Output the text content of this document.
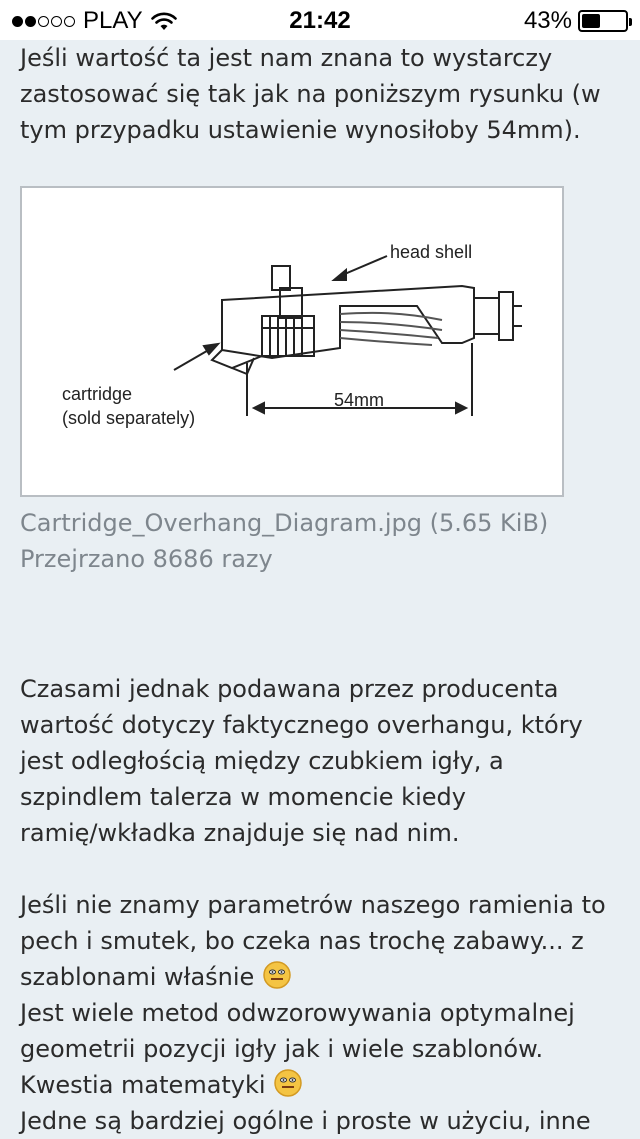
PLAY	21:42	43%

Jeśli wartość ta jest nam znana to wystarczy zastosować się tak jak na poniższym rysunku (w tym przypadku ustawienie wynosiłoby 54mm).

head shell
cartridge
(sold separately)
54mm
Cartridge_Overhang_Diagram.jpg (5.65 KiB)
Przejrzano 8686 razy

Czasami jednak podawana przez producenta wartość dotyczy faktycznego overhangu, który jest odległością między czubkiem igły, a szpindlem talerza w momencie kiedy ramię/wkładka znajduje się nad nim.

Jeśli nie znamy parametrów naszego ramienia to pech i smutek, bo czeka nas trochę zabawy... z szablonami właśnie
Jest wiele metod odwzorowywania optymalnej geometrii pozycji igły jak i wiele szablonów. Kwestia matematyki
Jedne są bardziej ogólne i proste w użyciu, inne
